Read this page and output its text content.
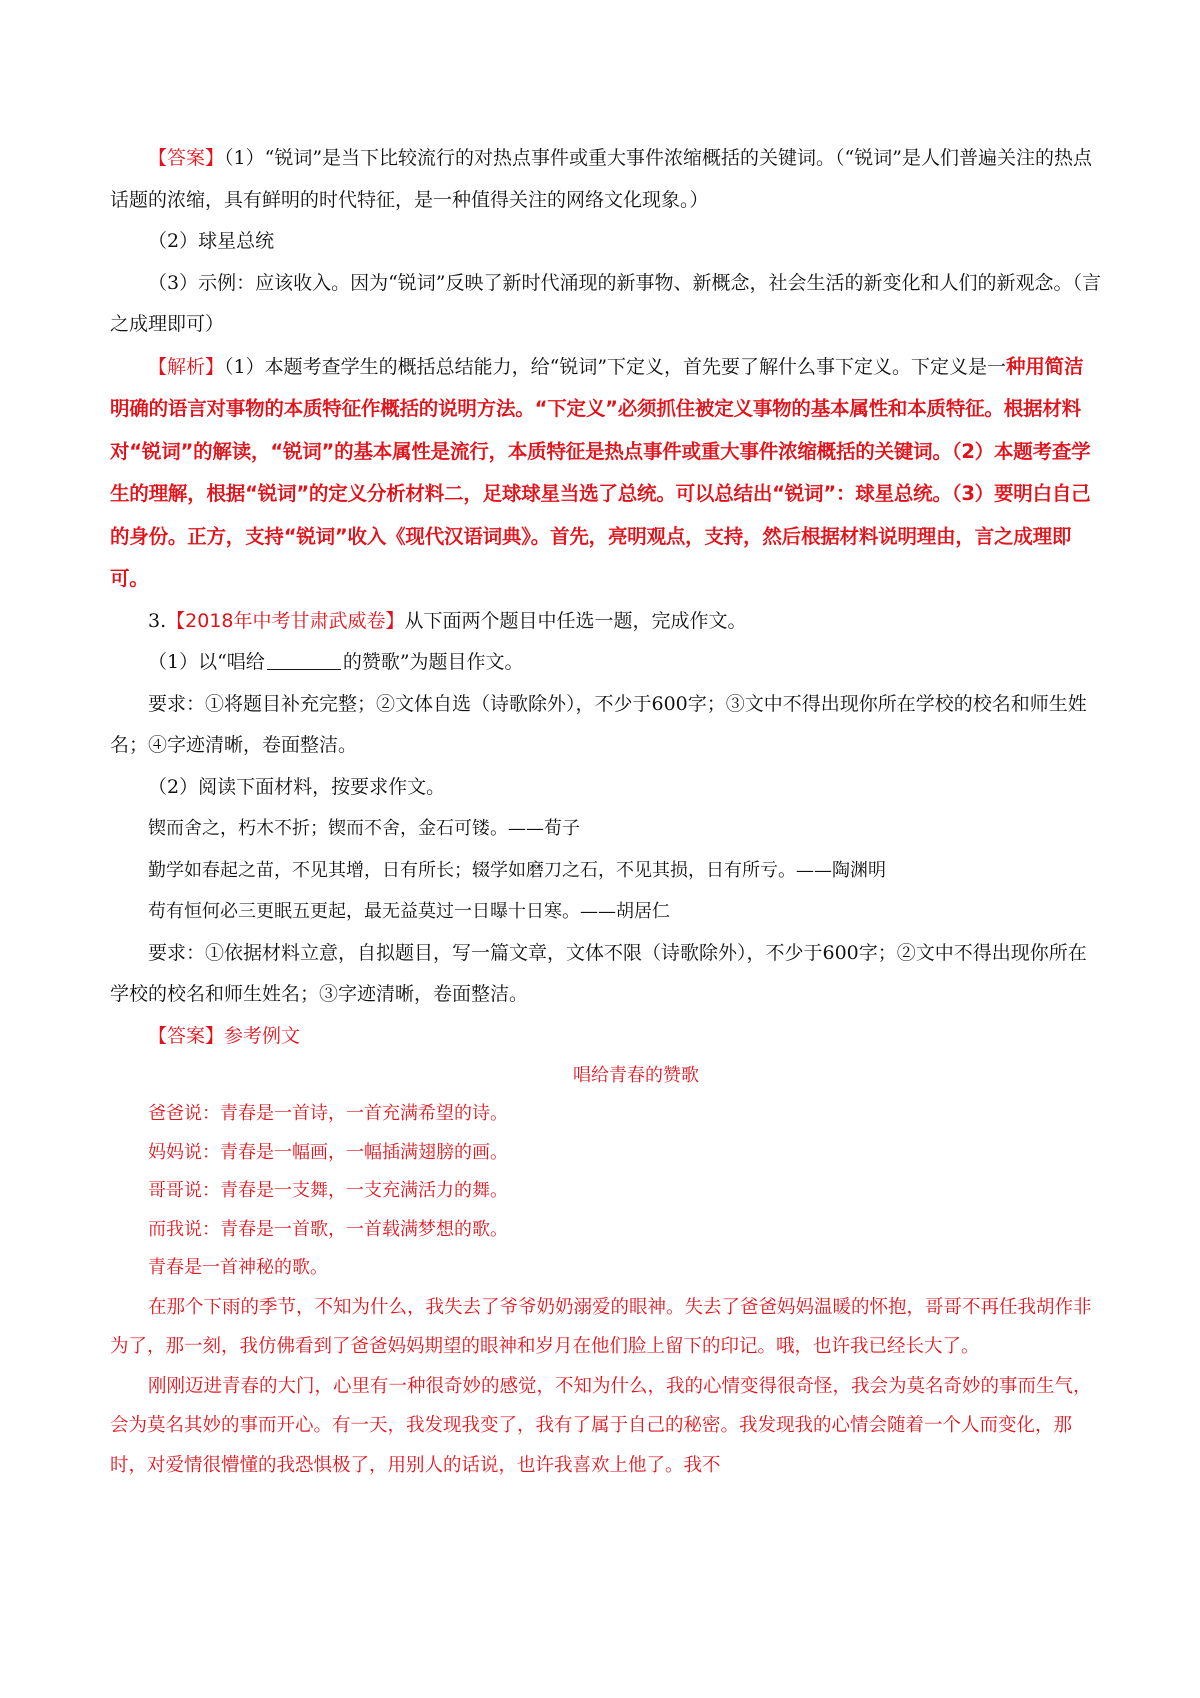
【答案】（1）“锐词”是当下比较流行的对热点事件或重大事件浓缩概括的关键词。（“锐词”是人们普遍关注的热点话题的浓缩，具有鲜明的时代特征，是一种值得关注的网络文化现象。）

（2）球星总统

（3）示例：应该收入。因为“锐词”反映了新时代涌现的新事物、新概念，社会生活的新变化和人们的新观念。（言之成理即可）

【解析】（1）本题考查学生的概括总结能力，给“锐词”下定义，首先要了解什么事下定义。下定义是一种用简洁明确的语言对事物的本质特征作概括的说明方法。“下定义”必须抓住被定义事物的基本属性和本质特征。根据材料对“锐词”的解读，“锐词”的基本属性是流行，本质特征是热点事件或重大事件浓缩概括的关键词。（2）本题考查学生的理解，根据“锐词”的定义分析材料二，足球球星当选了总统。可以总结出“锐词”：球星总统。（3）要明白自己的身份。正方，支持“锐词”收入《现代汉语词典》。首先，亮明观点，支持，然后根据材料说明理由，言之成理即可。

3.【2018年中考甘肃武威卷】从下面两个题目中任选一题，完成作文。

（1）以“唱给	的赞歌”为题目作文。

要求：①将题目补充完整；②文体自选（诗歌除外），不少于600字；③文中不得出现你所在学校的校名和师生姓名；④字迹清晰，卷面整洁。

（2）阅读下面材料，按要求作文。

锲而舍之，朽木不折；锲而不舍，金石可镂。——荀子

勤学如春起之苗，不见其增，日有所长；辍学如磨刀之石，不见其损，日有所亏。——陶渊明

苟有恒何必三更眠五更起，最无益莫过一日曝十日寒。——胡居仁

要求：①依据材料立意，自拟题目，写一篇文章，文体不限（诗歌除外），不少于600字；②文中不得出现你所在学校的校名和师生姓名；③字迹清晰，卷面整洁。

【答案】参考例文

唱给青春的赞歌

爸爸说：青春是一首诗，一首充满希望的诗。

妈妈说：青春是一幅画，一幅插满翅膀的画。

哥哥说：青春是一支舞，一支充满活力的舞。

而我说：青春是一首歌，一首载满梦想的歌。

青春是一首神秘的歌。

在那个下雨的季节，不知为什么，我失去了爷爷奶奶溺爱的眼神。失去了爸爸妈妈温暖的怀抱，哥哥不再任我胡作非为了，那一刻，我仿佛看到了爸爸妈妈期望的眼神和岁月在他们脸上留下的印记。哦，也许我已经长大了。

刚刚迈进青春的大门，心里有一种很奇妙的感觉，不知为什么，我的心情变得很奇怪，我会为莫名奇妙的事而生气，会为莫名其妙的事而开心。有一天，我发现我变了，我有了属于自己的秘密。我发现我的心情会随着一个人而变化，那时，对爱情很懵懂的我恐惧极了，用别人的话说，也许我喜欢上他了。我不
